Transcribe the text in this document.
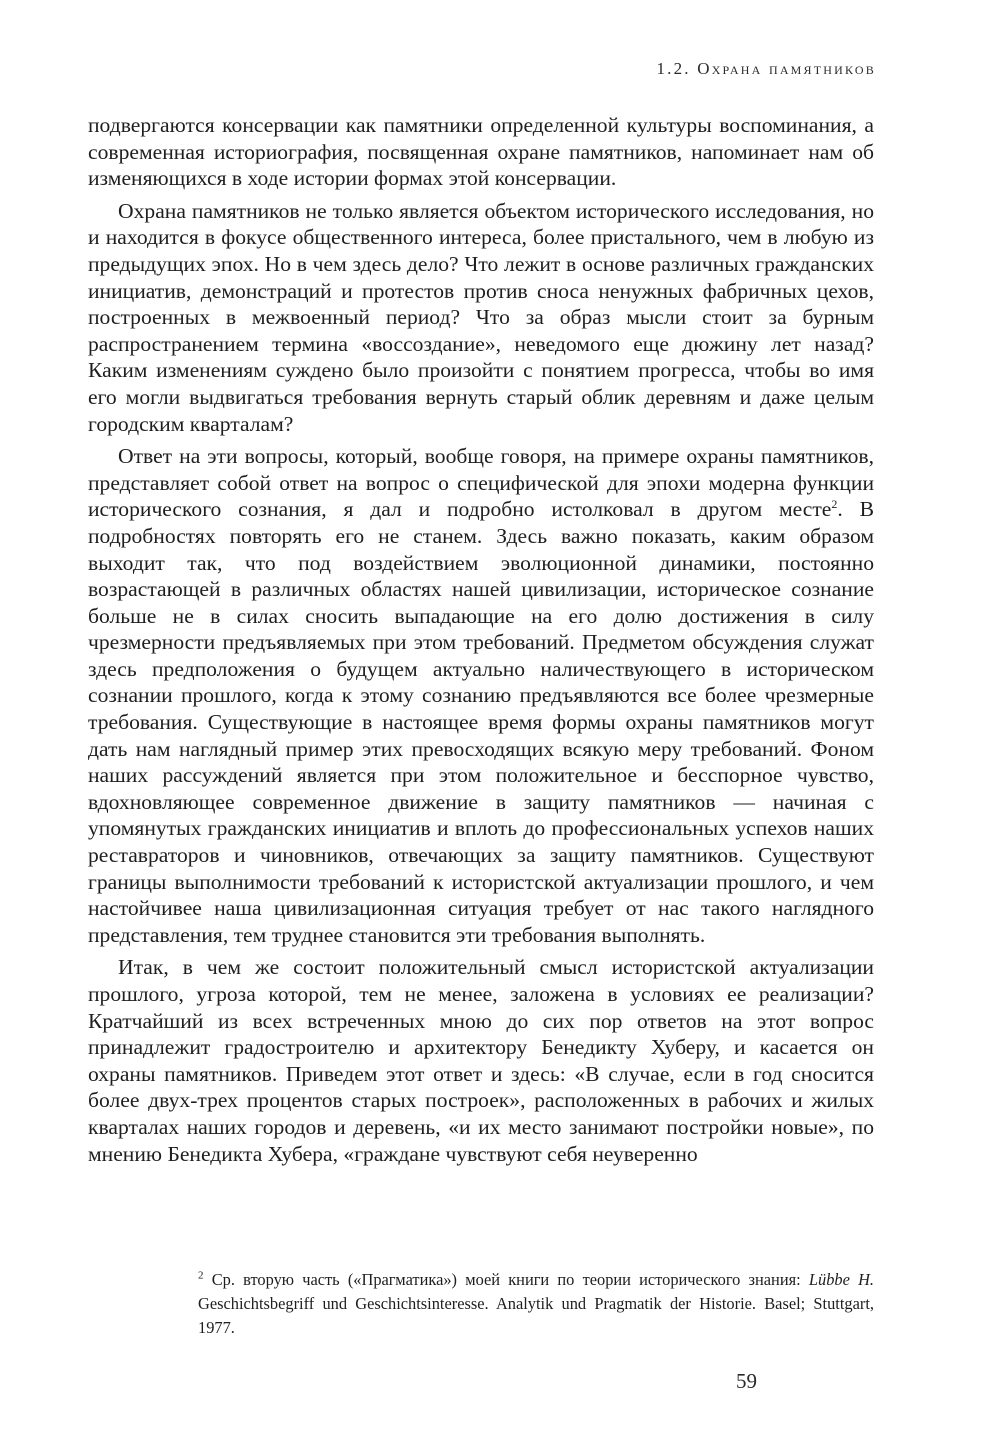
1.2. Охрана памятников

подвергаются консервации как памятники определенной культуры воспоминания, а современная историография, посвященная охране памятников, напоминает нам об изменяющихся в ходе истории формах этой консервации.

Охрана памятников не только является объектом исторического исследования, но и находится в фокусе общественного интереса, более пристального, чем в любую из предыдущих эпох. Но в чем здесь дело? Что лежит в основе различных гражданских инициатив, демонстраций и протестов против сноса ненужных фабричных цехов, построенных в межвоенный период? Что за образ мысли стоит за бурным распространением термина «воссоздание», неведомого еще дюжину лет назад? Каким изменениям суждено было произойти с понятием прогресса, чтобы во имя его могли выдвигаться требования вернуть старый облик деревням и даже целым городским кварталам?

Ответ на эти вопросы, который, вообще говоря, на примере охраны памятников, представляет собой ответ на вопрос о специфической для эпохи модерна функции исторического сознания, я дал и подробно истолковал в другом месте$^2$. В подробностях повторять его не станем. Здесь важно показать, каким образом выходит так, что под воздействием эволюционной динамики, постоянно возрастающей в различных областях нашей цивилизации, историческое сознание больше не в силах сносить выпадающие на его долю достижения в силу чрезмерности предъявляемых при этом требований. Предметом обсуждения служат здесь предположения о будущем актуально наличествующего в историческом сознании прошлого, когда к этому сознанию предъявляются все более чрезмерные требования. Существующие в настоящее время формы охраны памятников могут дать нам наглядный пример этих превосходящих всякую меру требований. Фоном наших рассуждений является при этом положительное и бесспорное чувство, вдохновляющее современное движение в защиту памятников — начиная с упомянутых гражданских инициатив и вплоть до профессиональных успехов наших реставраторов и чиновников, отвечающих за защиту памятников. Существуют границы выполнимости требований к истористской актуализации прошлого, и чем настойчивее наша цивилизационная ситуация требует от нас такого наглядного представления, тем труднее становится эти требования выполнять.

Итак, в чем же состоит положительный смысл истористской актуализации прошлого, угроза которой, тем не менее, заложена в условиях ее реализации? Кратчайший из всех встреченных мною до сих пор ответов на этот вопрос принадлежит градостроителю и архитектору Бенедикту Хуберу, и касается он охраны памятников. Приведем этот ответ и здесь: «В случае, если в год сносится более двух-трех процентов старых построек», расположенных в рабочих и жилых кварталах наших городов и деревень, «и их место занимают постройки новые», по мнению Бенедикта Хубера, «граждане чувствуют себя неуверенно

$^2$ Ср. вторую часть («Прагматика») моей книги по теории исторического знания: Lübbe H. Geschichtsbegriff und Geschichtsinteresse. Analytik und Pragmatik der Historie. Basel; Stuttgart, 1977.
59
